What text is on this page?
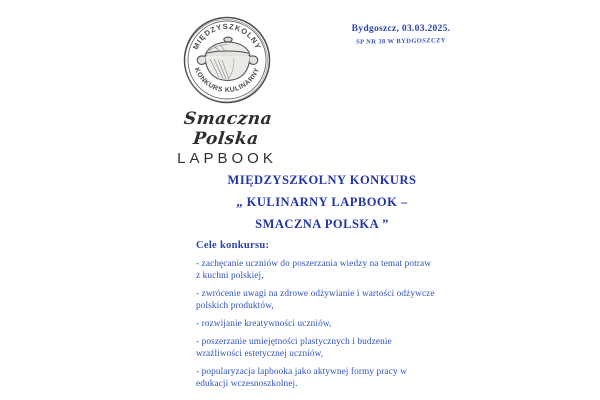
MIĘDZYSZKOLNY
KONKURS KULINARNY
Smaczna Polska
LAPBOOK
Bydgoszcz, 03.03.2025.
SP NR 38 W BYDGOSZCZY
MIĘDZYSZKOLNY KONKURS
„ KULINARNY LAPBOOK –
SMACZNA POLSKA ”
Cele konkursu:

- zachęcanie uczniów do poszerzania wiedzy na temat potraw z kuchni polskiej,

- zwrócenie uwagi na zdrowe odżywianie i wartości odżywcze polskich produktów,

- rozwijanie kreatywności uczniów,

- poszerzanie umiejętności plastycznych i budzenie wrażliwości estetycznej uczniów,

- popularyzacja lapbooka jako aktywnej formy pracy w edukacji wczesnoszkolnej.
